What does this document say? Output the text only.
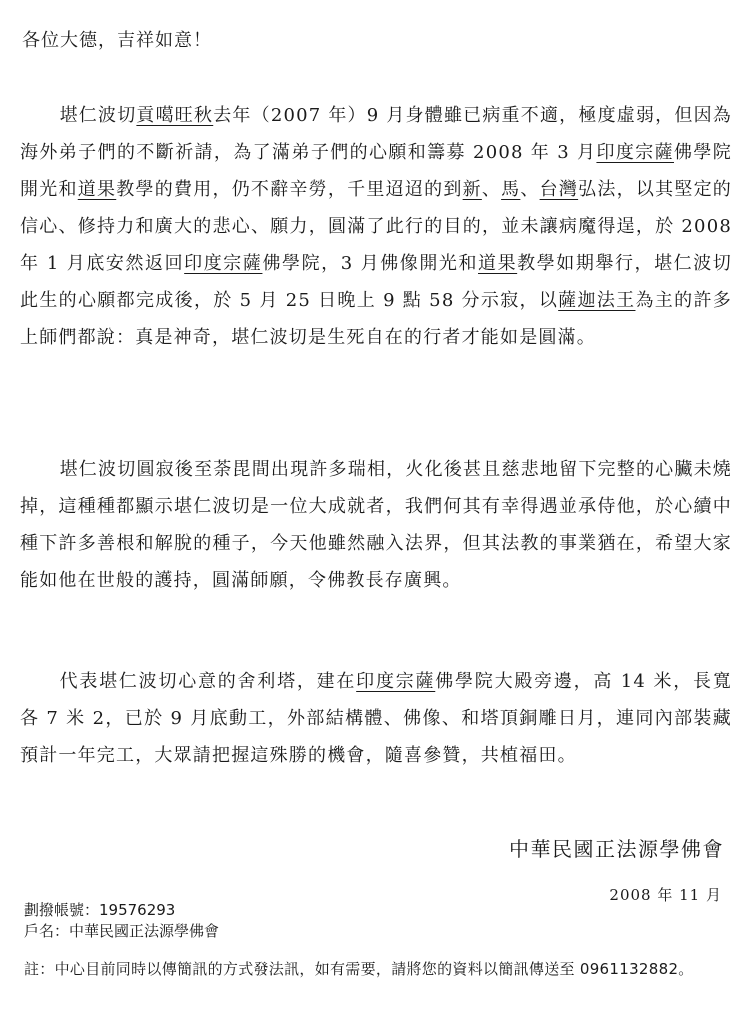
各位大德，吉祥如意！

堪仁波切貢噶旺秋去年（2007 年）9 月身體雖已病重不適，極度虛弱，但因為海外弟子們的不斷祈請，為了滿弟子們的心願和籌募 2008 年 3 月印度宗薩佛學院開光和道果教學的費用，仍不辭辛勞，千里迢迢的到新、馬、台灣弘法，以其堅定的信心、修持力和廣大的悲心、願力，圓滿了此行的目的，並未讓病魔得逞，於 2008 年 1 月底安然返回印度宗薩佛學院，3 月佛像開光和道果教學如期舉行，堪仁波切此生的心願都完成後，於 5 月 25 日晚上 9 點 58 分示寂，以薩迦法王為主的許多上師們都說：真是神奇，堪仁波切是生死自在的行者才能如是圓滿。

堪仁波切圓寂後至荼毘間出現許多瑞相，火化後甚且慈悲地留下完整的心臟未燒掉，這種種都顯示堪仁波切是一位大成就者，我們何其有幸得遇並承侍他，於心續中種下許多善根和解脫的種子，今天他雖然融入法界，但其法教的事業猶在，希望大家能如他在世般的護持，圓滿師願，令佛教長存廣興。

代表堪仁波切心意的舍利塔，建在印度宗薩佛學院大殿旁邊，高 14 米，長寬各 7 米 2，已於 9 月底動工，外部結構體、佛像、和塔頂銅雕日月，連同內部裝藏預計一年完工，大眾請把握這殊勝的機會，隨喜參贊，共植福田。

中華民國正法源學佛會
2008 年 11 月
劃撥帳號：19576293
戶名：中華民國正法源學佛會
註：中心目前同時以傳簡訊的方式發法訊，如有需要，請將您的資料以簡訊傳送至 0961132882。
